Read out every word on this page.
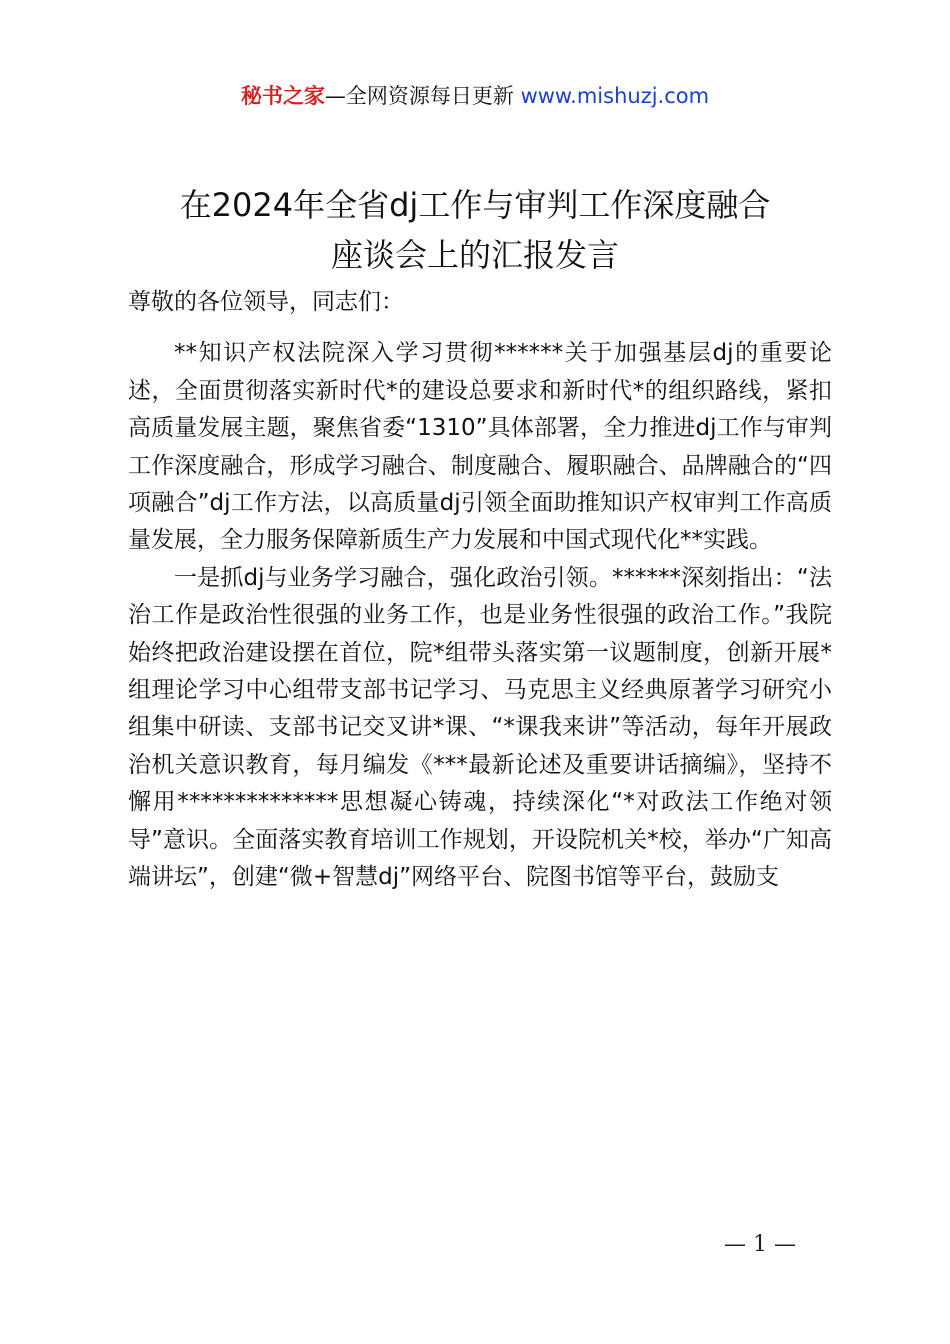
秘书之家—全网资源每日更新 www.mishuzj.com
在2024年全省dj工作与审判工作深度融合
座谈会上的汇报发言

尊敬的各位领导，同志们：

**知识产权法院深入学习贯彻******关于加强基层dj的重要论述，全面贯彻落实新时代*的建设总要求和新时代*的组织路线，紧扣高质量发展主题，聚焦省委“1310”具体部署，全力推进dj工作与审判工作深度融合，形成学习融合、制度融合、履职融合、品牌融合的“四项融合”dj工作方法，以高质量dj引领全面助推知识产权审判工作高质量发展，全力服务保障新质生产力发展和中国式现代化**实践。

一是抓dj与业务学习融合，强化政治引领。******深刻指出：“法治工作是政治性很强的业务工作，也是业务性很强的政治工作。”我院始终把政治建设摆在首位，院*组带头落实第一议题制度，创新开展*组理论学习中心组带支部书记学习、马克思主义经典原著学习研究小组集中研读、支部书记交叉讲*课、“*课我来讲”等活动，每年开展政治机关意识教育，每月编发《***最新论述及重要讲话摘编》，坚持不懈用**************思想凝心铸魂，持续深化“*对政法工作绝对领导”意识。全面落实教育培训工作规划，开设院机关*校，举办“广知高端讲坛”，创建“微+智慧dj”网络平台、院图书馆等平台，鼓励支

— 1 —
